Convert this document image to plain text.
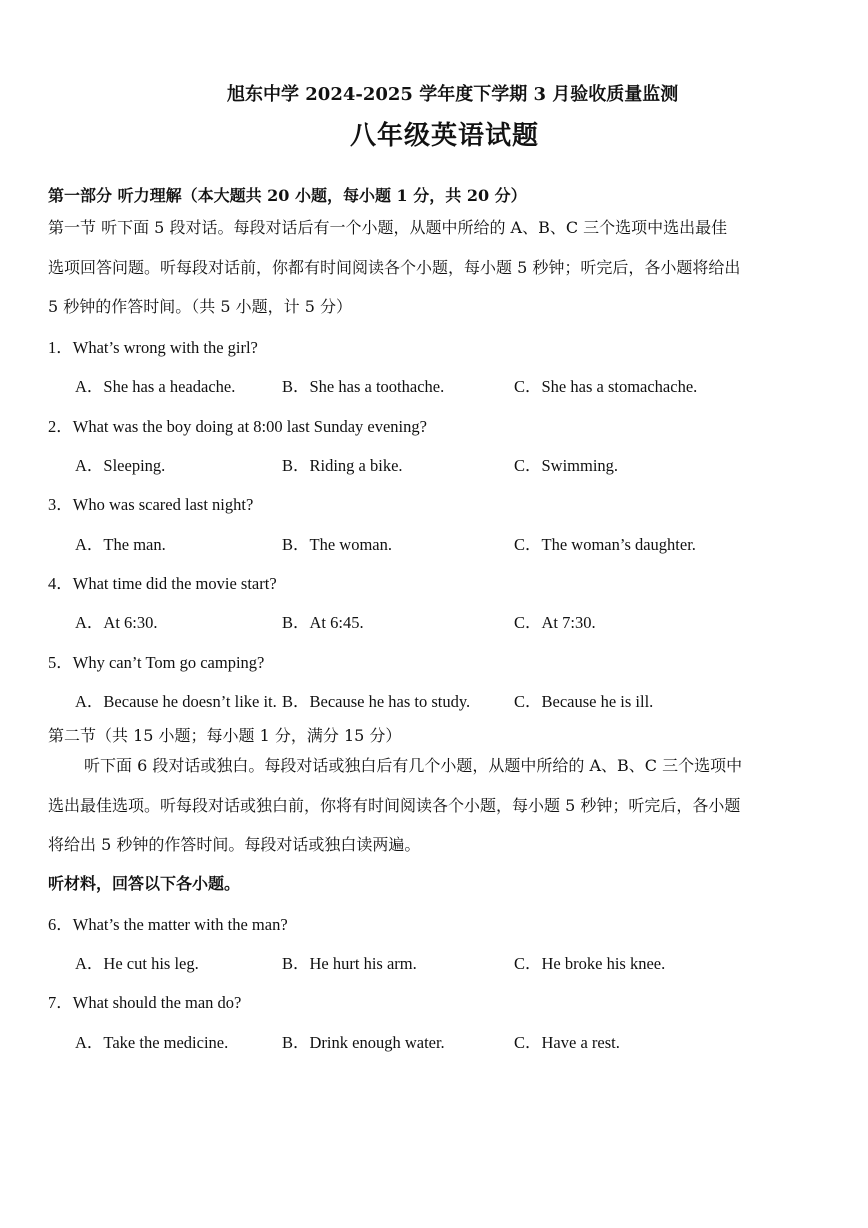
旭东中学 2024-2025 学年度下学期 3 月验收质量监测
八年级英语试题
第一部分 听力理解（本大题共 20 小题，每小题 1 分，共 20 分）
第一节 听下面 5 段对话。每段对话后有一个小题，从题中所给的 A、B、C 三个选项中选出最佳
选项回答问题。听每段对话前，你都有时间阅读各个小题，每小题 5 秒钟；听完后，各小题将给出
5 秒钟的作答时间。（共 5 小题，计 5 分）
1．What’s wrong with the girl?
A．She has a headache.	B．She has a toothache.	C．She has a stomachache.
2．What was the boy doing at 8:00 last Sunday evening?
A．Sleeping.	B．Riding a bike.	C．Swimming.
3．Who was scared last night?
A．The man.	B．The woman.	C．The woman’s daughter.
4．What time did the movie start?
A．At 6:30.	B．At 6:45.	C．At 7:30.
5．Why can’t Tom go camping?
A．Because he doesn’t like it. B．Because he has to study.	C．Because he is ill.
第二节（共 15 小题；每小题 1 分，满分 15 分）
听下面 6 段对话或独白。每段对话或独白后有几个小题，从题中所给的 A、B、C 三个选项中
选出最佳选项。听每段对话或独白前，你将有时间阅读各个小题，每小题 5 秒钟；听完后，各小题
将给出 5 秒钟的作答时间。每段对话或独白读两遍。
听材料，回答以下各小题。
6．What’s the matter with the man?
A．He cut his leg.	B．He hurt his arm.	C．He broke his knee.
7．What should the man do?
A．Take the medicine.	B．Drink enough water.	C．Have a rest.
